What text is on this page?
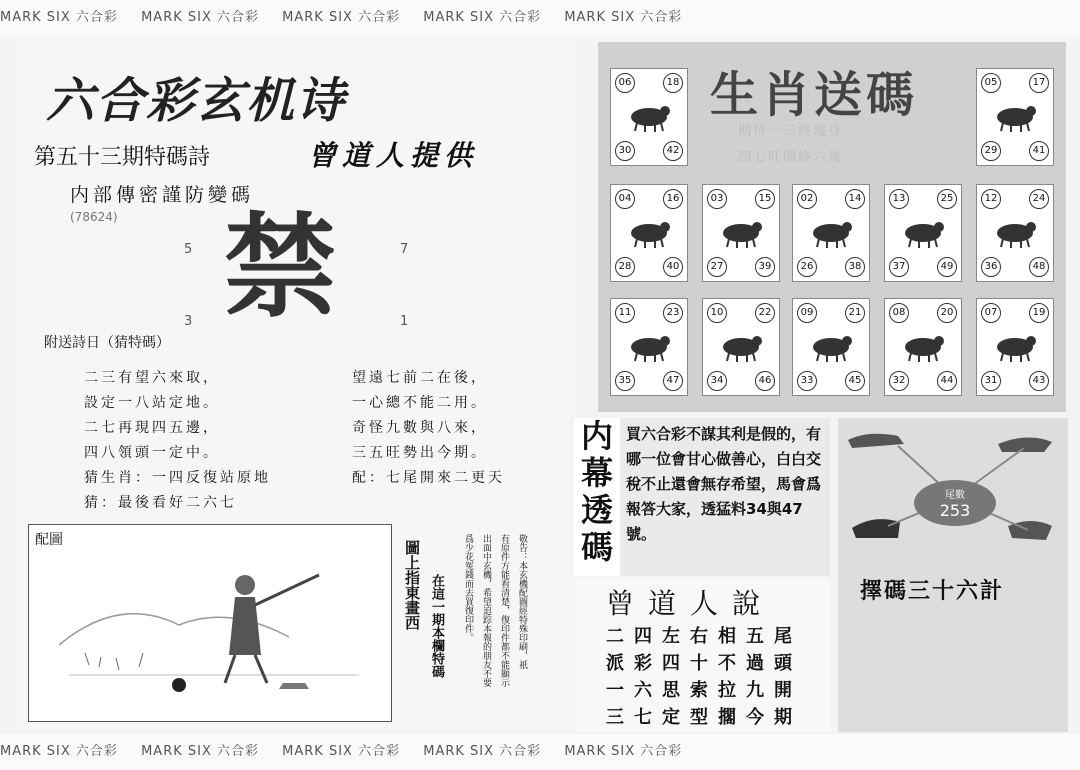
MARK SIX 六合彩 MARK SIX 六合彩 MARK SIX 六合彩 MARK SIX 六合彩 MARK SIX 六合彩
六合彩玄机诗
第五十三期特碼詩	曾道人提供
内部傳密謹防變碼
(78624) 禁
5	7
3	1
附送詩日（猜特碼）
二三有望六來取，
設定一八站定地。
二七再現四五邊，
四八領頭一定中。
猜生肖：一四反復站原地
猜：最後看好二六七
望遠七前二在後，
一心總不能二用。
奇怪九數與八來，
三五旺勢出今期。
配：七尾開來二更天
配圖	圖上指東畫西 在這一期本欄特碼	爲少花冤錢而去買復印件。 出面中玄機，希望追踪本報的朋友不要 有原件方能看清楚，復印件都不能顯示 敬告：本玄機配圖經特殊印刷，祇
生肖送碼
期待一三終現身
四七旺開終六尾
06	18
30	42
05	17
29	41
04	16
28	40
03	15
27	39
02	14
26	38
13	25
37	49
12	24
36	48
11	23
35	47
10	22
34	46
09	21
33	45
08	20
32	44
07	19
31	43
内
幕
透
碼
買六合彩不謀其利是假的，有哪一位會甘心做善心，白白交稅不止還會無存希望，馬會爲報答大家，透猛料34與47號。
曾道人說
二四左右相五尾
派彩四十不過頭
一六思索拉九開
三七定型擱今期
尾數
253
擇碼三十六計
MARK SIX 六合彩 MARK SIX 六合彩 MARK SIX 六合彩 MARK SIX 六合彩 MARK SIX 六合彩
